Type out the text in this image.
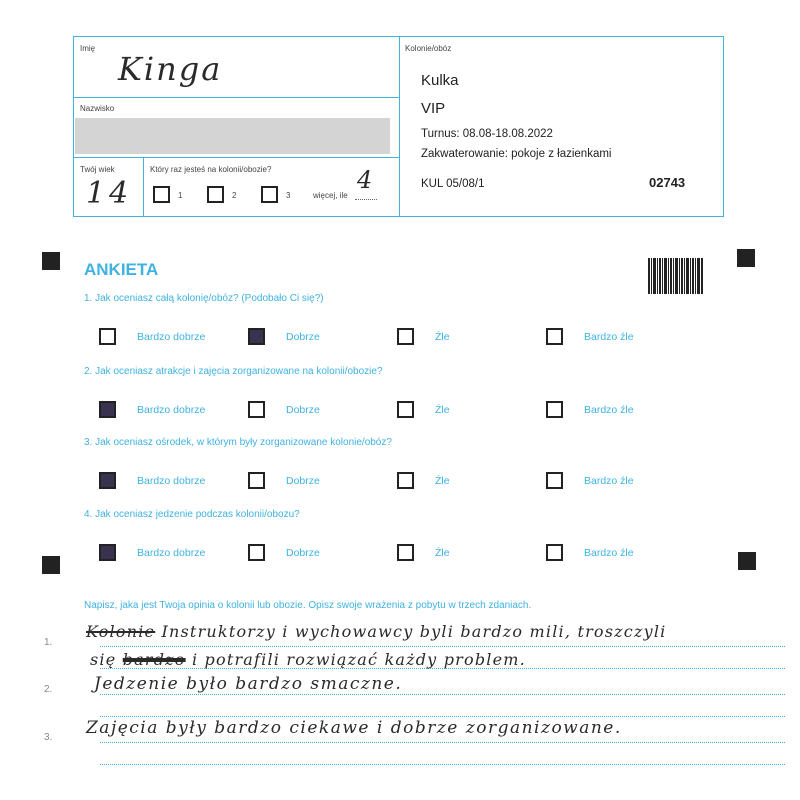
Imię
Kinga
Nazwisko
Twój wiek
14
Który raz jesteś na kolonii/obozie?
1	2	3	więcej, ile
4
Kolonie/obóz
Kulka
VIP
Turnus: 08.08-18.08.2022
Zakwaterowanie: pokoje z łazienkami
KUL 05/08/1	02743
ANKIETA
1. Jak oceniasz całą kolonię/obóz? (Podobało Ci się?)
Bardzo dobrze	Dobrze	Źle	Bardzo źle
2. Jak oceniasz atrakcje i zajęcia zorganizowane na kolonii/obozie?
Bardzo dobrze	Dobrze	Źle	Bardzo źle
3. Jak oceniasz ośrodek, w którym były zorganizowane kolonie/obóz?
Bardzo dobrze	Dobrze	Źle	Bardzo źle
4. Jak oceniasz jedzenie podczas kolonii/obozu?
Bardzo dobrze	Dobrze	Źle	Bardzo źle
Napisz, jaka jest Twoja opinia o kolonii lub obozie. Opisz swoje wrażenia z pobytu w trzech zdaniach.
1.
2.
3.
Kolonie Instruktorzy i wychowawcy byli bardzo mili, troszczyli
się bardzo i potrafili rozwiązać każdy problem.
Jedzenie było bardzo smaczne.
Zajęcia były bardzo ciekawe i dobrze zorganizowane.
